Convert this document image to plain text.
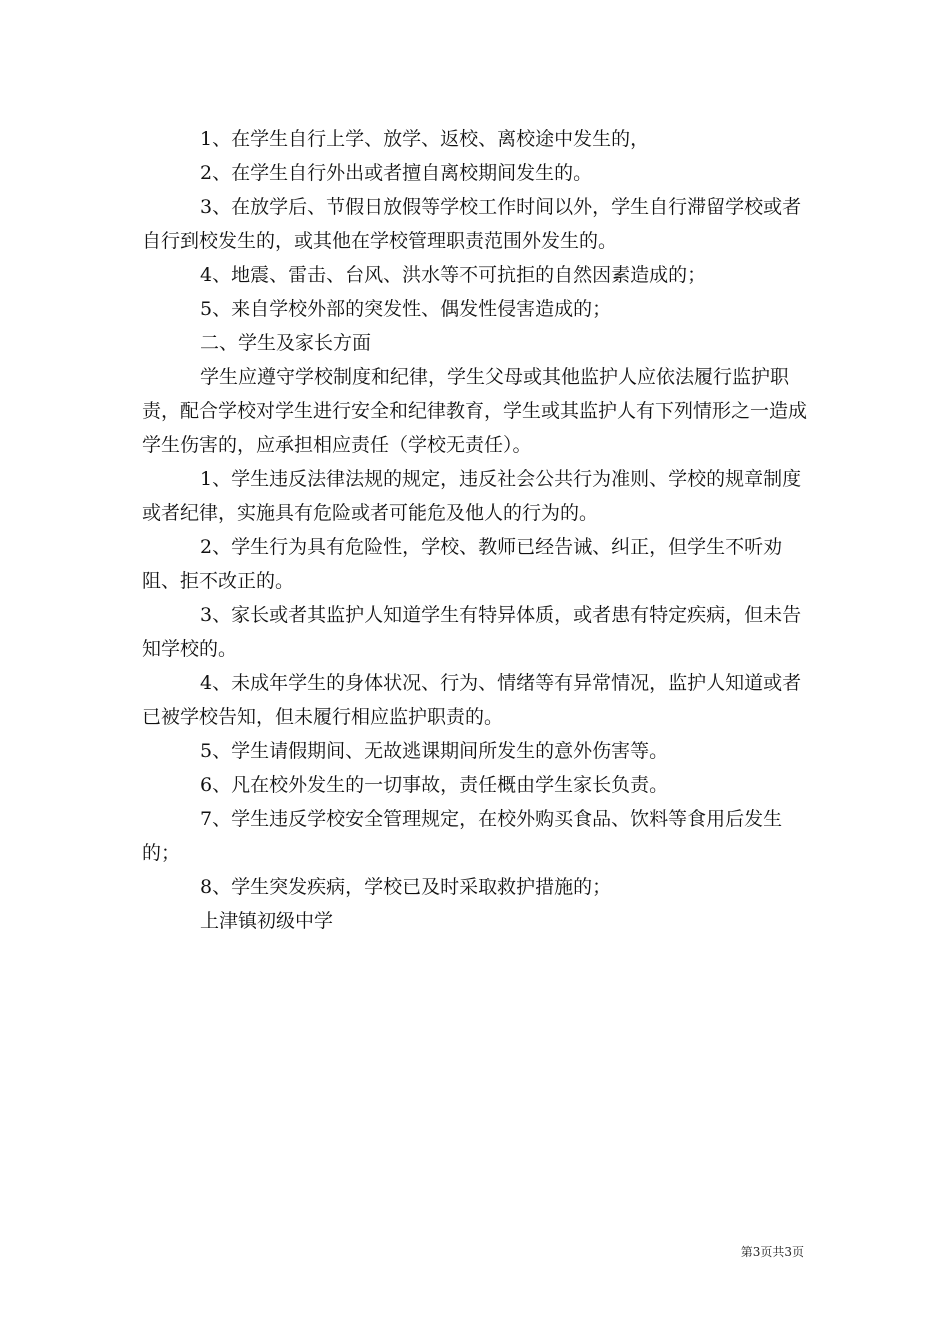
1、在学生自行上学、放学、返校、离校途中发生的，

2、在学生自行外出或者擅自离校期间发生的。

3、在放学后、节假日放假等学校工作时间以外，学生自行滞留学校或者自行到校发生的，或其他在学校管理职责范围外发生的。

4、地震、雷击、台风、洪水等不可抗拒的自然因素造成的；

5、来自学校外部的突发性、偶发性侵害造成的；

二、学生及家长方面

学生应遵守学校制度和纪律，学生父母或其他监护人应依法履行监护职责，配合学校对学生进行安全和纪律教育，学生或其监护人有下列情形之一造成学生伤害的，应承担相应责任（学校无责任）。

1、学生违反法律法规的规定，违反社会公共行为准则、学校的规章制度或者纪律，实施具有危险或者可能危及他人的行为的。

2、学生行为具有危险性，学校、教师已经告诫、纠正，但学生不听劝阻、拒不改正的。

3、家长或者其监护人知道学生有特异体质，或者患有特定疾病，但未告知学校的。

4、未成年学生的身体状况、行为、情绪等有异常情况，监护人知道或者已被学校告知，但未履行相应监护职责的。

5、学生请假期间、无故逃课期间所发生的意外伤害等。

6、凡在校外发生的一切事故，责任概由学生家长负责。

7、学生违反学校安全管理规定，在校外购买食品、饮料等食用后发生的；

8、学生突发疾病，学校已及时采取救护措施的；

上津镇初级中学

第3页共3页
